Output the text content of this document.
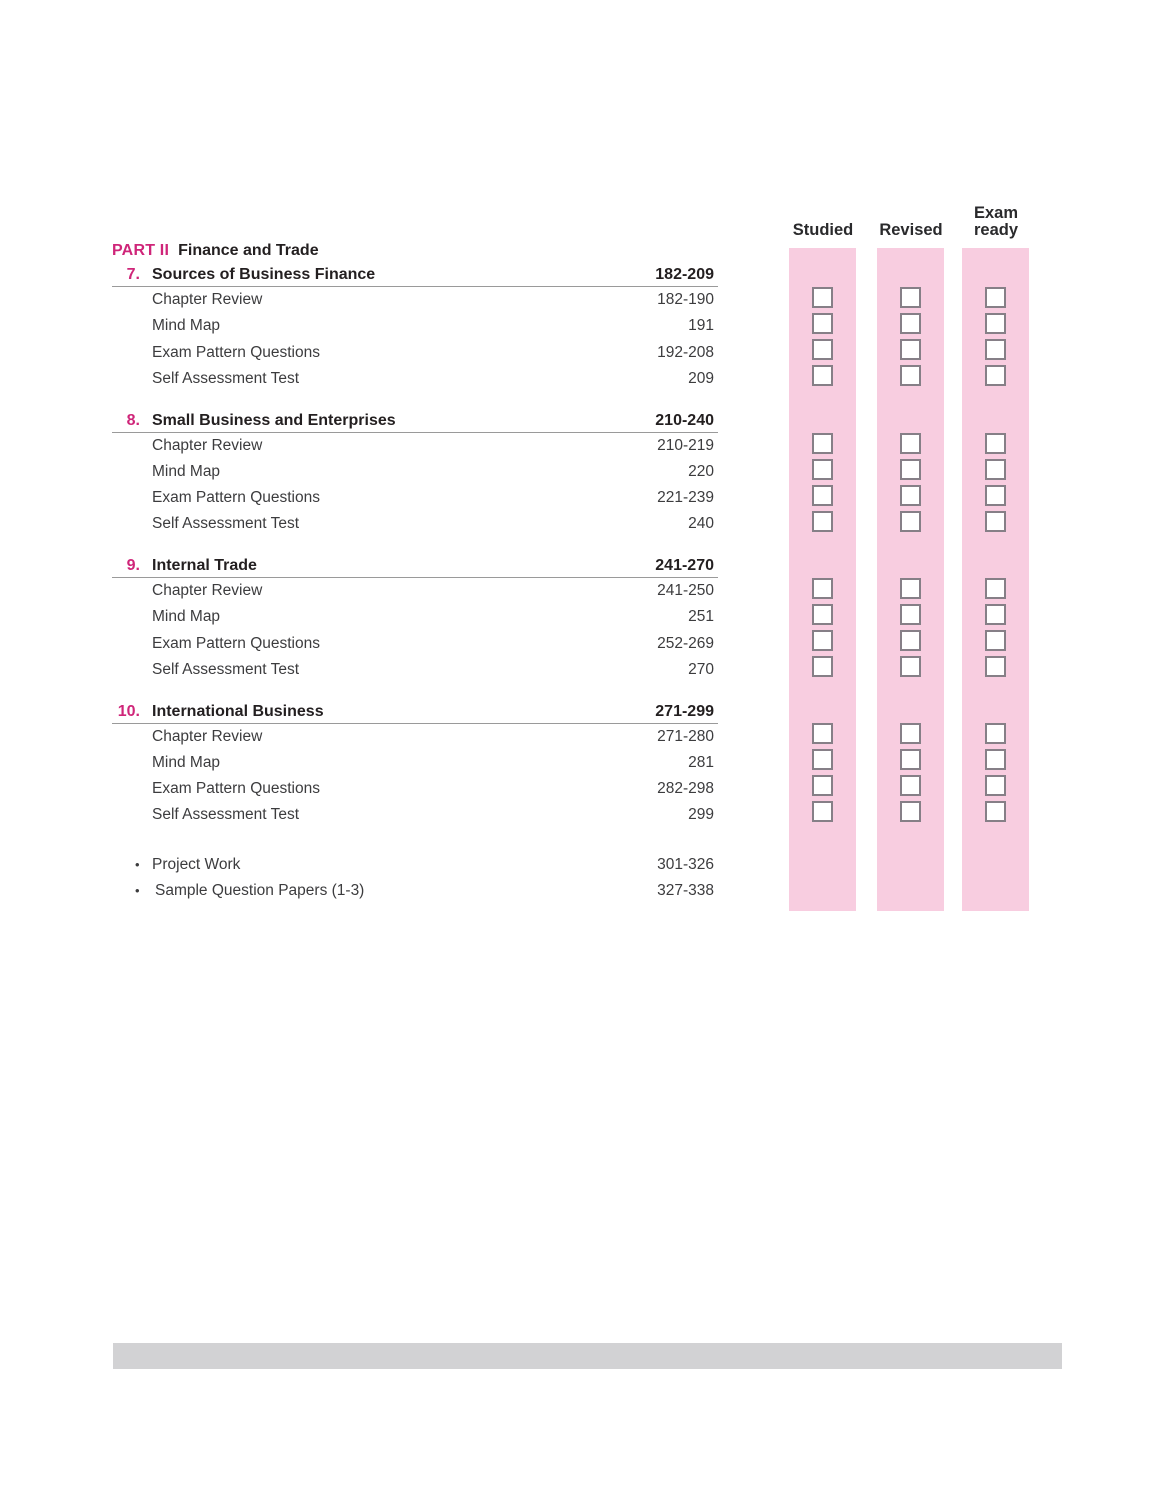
Studied	Revised
Exam
ready
PART II Finance and Trade
7. Sources of Business Finance	182-209
Chapter Review	182-190
Mind Map	191
Exam Pattern Questions	192-208
Self Assessment Test	209
8. Small Business and Enterprises	210-240
Chapter Review	210-219
Mind Map	220
Exam Pattern Questions	221-239
Self Assessment Test	240
9. Internal Trade	241-270
Chapter Review	241-250
Mind Map	251
Exam Pattern Questions	252-269
Self Assessment Test	270
10. International Business	271-299
Chapter Review	271-280
Mind Map	281
Exam Pattern Questions	282-298
Self Assessment Test	299
• Project Work	301-326
• Sample Question Papers (1-3)	327-338
